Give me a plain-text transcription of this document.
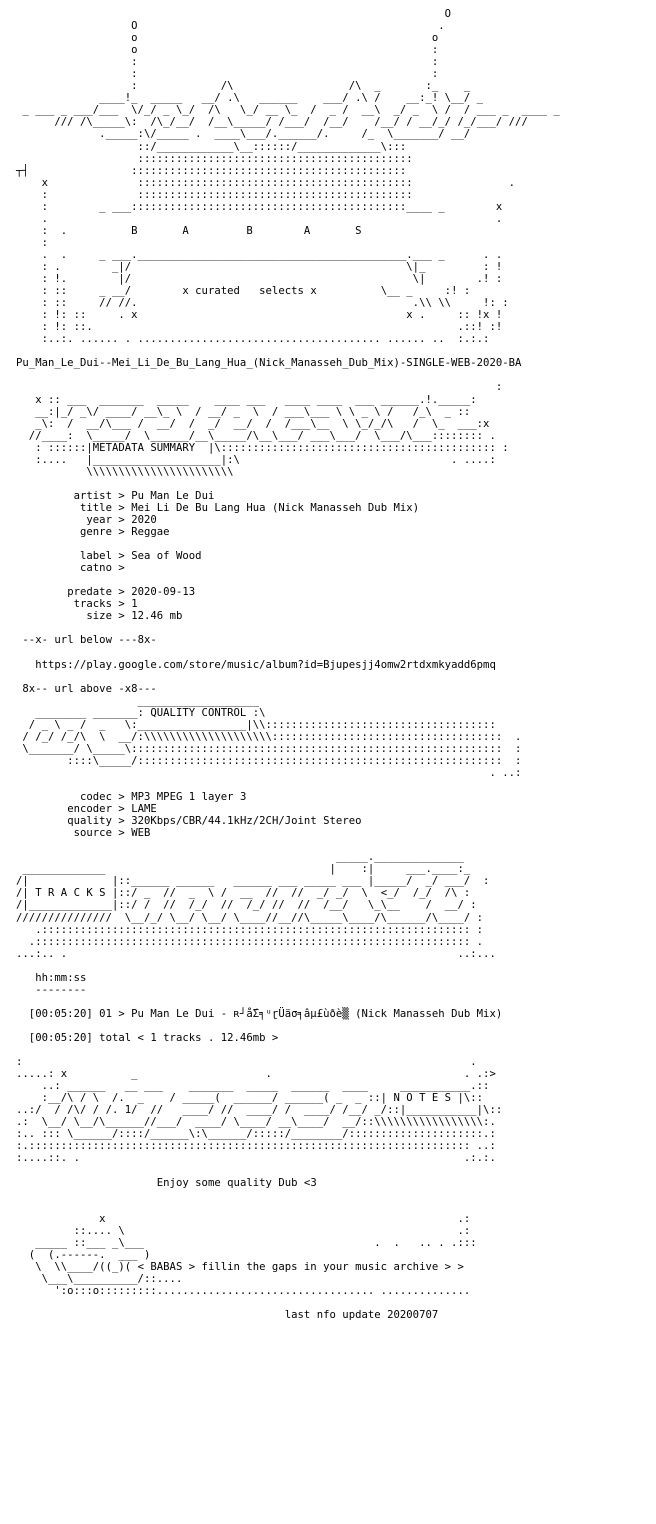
O
O                                               .
o                                              o
o                                              :
:                                              :
:                                              :
:             /\                  /\  _       :_    _
____!_  _____   __/ .\   ______    ___/ .\ /    __:_! \__/ _
_ ___ _ ___/___  \/_/ _ \_/  /\   \_/ __ \_  /  _ /  __\  _/ _  \ /  / ___ _  ____ _
/// /\_____\:  /\_/__/  /__\_____/ /___/  /__/    /__/ / __/_/ /_/___/ ///
._____:\/_____ .  ____\___/.______/.     /_  \_______/ __/
::/____________\__::::::/_____________\:::
:::::::::::::::::::::::::::::::::::::::::::
┬┤                :::::::::::::::::::::::::::::::::::::::::::
x              :::::::::::::::::::::::::::::::::::::::::::               .
:              :::::::::::::::::::::::::::::::::::::::::::
:        _ ___:::::::::::::::::::::::::::::::::::::::::::____ _        x
.                                                                      .
:  .	B       A         B        A       S
:
.  .     _ ___.__________________________________________.___ _      . .
: .        _|/                                           \|_         : !
: !.        |/                                            \|        .! :
: ::     _ __/	x curated   selects x	\__ _     :! :
: ::     // //.                                           .\\ \\     !: :
: !: ::     . x                                          x .     :: !x !
: !: ::.                                                         .::! :!
:..:. ...... . ...................................... ...... ..  :.:.:

Pu_Man_Le_Dui--Mei_Li_De_Bu_Lang_Hua_(Nick_Manasseh_Dub_Mix)-SINGLE-WEB-2020-BA

:
x :: ___  _______  _____    ____ ___   ____ ____  ___ ______.!._____:
__:|_/ _\/ ____/ __\_ \  / __/ _  \  / ___\___ \ \ _ \ /   /_\  _ ::
_\:  /  __/\___ /  __/  /  _/  __/  /  /___\__  \ \_/_/\   /  \_  ___:x
//____:  \_____/  \______/__\_____/\__\___/ ___\___/  \___/\___:::::::: .
: ::::::|METADATA SUMMARY  |\::::::::::::::::::::::::::::::::::::::::::: :
:....   |____________________|:\                                 . ....:
\\\\\\\\\\\\\\\\\\\\\\\

artist > Pu Man Le Dui
title > Mei Li De Bu Lang Hua (Nick Manasseh Dub Mix)
year > 2020
genre > Reggae

label > Sea of Wood
catno >

predate > 2020-09-13
tracks > 1
size > 12.46 mb

--x- url below ---8x-

https://play.google.com/store/music/album?id=Bjupesjj4omw2rtdxmkyadd6pmq

8x-- url above -x8---
___________________
________ _______: QUALITY CONTROL :\
/ _ \ _ /  _   \:_________________|\\::::::::::::::::::::::::::::::::::::
/ /_/ /_/\  \  __/:\\\\\\\\\\\\\\\\\\\\::::::::::::::::::::::::::::::::::::  .
\_______/ \_____\::::::::::::::::::::::::::::::::::::::::::::::::::::::::::  :
::::\_____/:::::::::::::::::::::::::::::::::::::::::::::::::::::::::  :
. ..:

codec > MP3 MPEG 1 layer 3
encoder > LAME
quality > 320Kbps/CBR/44.1kHz/2CH/Joint Stereo
source > WEB

_____.______________
_____________                                   |    :|     ___.____:_
/|             |::______ ______   ______ ___ _____ ___ |_____/  _/ ___/  :
/| T R A C K S |::/ _  //  _  \ /  __  //  //  _/ _/  \  <_/  /_/  /\ :
/|_____________|::/ /  //  /_/  //  /_/ //  //  /__/   \_\__    /  __/ :
///////////////  \__/_/ \__/ \__/ \____//__//\_____\____/\______/\____/ :
.::::::::::::::::::::::::::::::::::::::::::::::::::::::::::::::::::: :
.:::::::::::::::::::::::::::::::::::::::::::::::::::::::::::::::::::: .
...:.. .                                                             ..:...

hh:mm:ss
--------

[00:05:20] 01 > Pu Man Le Dui - ʀ┘ǻΣ╕ᵘɽÜäσ╕âµ£ùðè▒ (Nick Manasseh Dub Mix)

[00:05:20] total < 1 tracks . 12.46mb >

:                                                                      .
.....: x          _                    .                              . .:>
..: ______   __ ___    _______  _____  ______  ____     ___________.::
:__/\ / \  /.  _    / _____(  ______/ ______( _  _ ::| N O T E S |\::
..:/  / /\/ / /. 1/  //   ____/ //  ____/ /  ____/ /__/ _/::|___________|\::
.:  \__/ \__/\______//___/  ____/ \____/ __\____/  __/::\\\\\\\\\\\\\\\\\:.
:.. ::: \______/::::/______\:\______/:::::/________/:::::::::::::::::::::.:
:.::::::::::::::::::::::::::::::::::::::::::::::::::::::::::::::::::::: ..:
:....::. .                                                            .:.:.

Enjoy some quality Dub <3

x                                                       .:
::.... \                                                    .:
_____ ::___ _\___                                    .  .   .. . .:::
(  (.------.  ___ )
\  \\____/((_)( < BABAS > fillin the gaps in your music archive > >
\___\__________/::....
':o:::o:::::::::.................................. ..............

last nfo update 20200707
